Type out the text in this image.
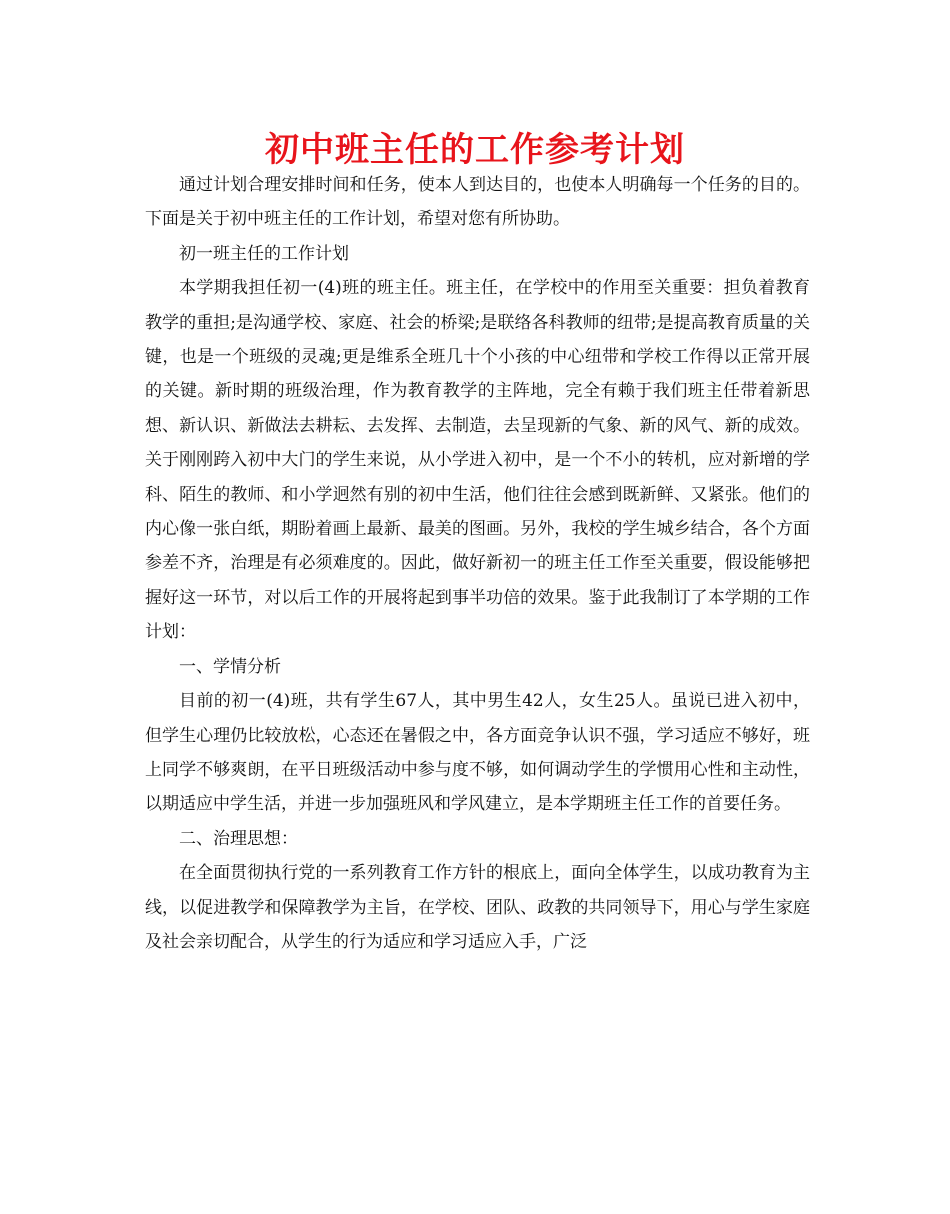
初中班主任的工作参考计划

通过计划合理安排时间和任务，使本人到达目的，也使本人明确每一个任务的目的。下面是关于初中班主任的工作计划，希望对您有所协助。

初一班主任的工作计划

本学期我担任初一(4)班的班主任。班主任，在学校中的作用至关重要：担负着教育教学的重担;是沟通学校、家庭、社会的桥梁;是联络各科教师的纽带;是提高教育质量的关键，也是一个班级的灵魂;更是维系全班几十个小孩的中心纽带和学校工作得以正常开展的关键。新时期的班级治理，作为教育教学的主阵地，完全有赖于我们班主任带着新思想、新认识、新做法去耕耘、去发挥、去制造，去呈现新的气象、新的风气、新的成效。关于刚刚跨入初中大门的学生来说，从小学进入初中，是一个不小的转机，应对新增的学科、陌生的教师、和小学迥然有别的初中生活，他们往往会感到既新鲜、又紧张。他们的内心像一张白纸，期盼着画上最新、最美的图画。另外，我校的学生城乡结合，各个方面参差不齐，治理是有必须难度的。因此，做好新初一的班主任工作至关重要，假设能够把握好这一环节，对以后工作的开展将起到事半功倍的效果。鉴于此我制订了本学期的工作计划：

一、学情分析

目前的初一(4)班，共有学生67人，其中男生42人，女生25人。虽说已进入初中，但学生心理仍比较放松，心态还在暑假之中，各方面竞争认识不强，学习适应不够好，班上同学不够爽朗，在平日班级活动中参与度不够，如何调动学生的学惯用心性和主动性，以期适应中学生活，并进一步加强班风和学风建立，是本学期班主任工作的首要任务。

二、治理思想：

在全面贯彻执行党的一系列教育工作方针的根底上，面向全体学生，以成功教育为主线，以促进教学和保障教学为主旨，在学校、团队、政教的共同领导下，用心与学生家庭及社会亲切配合，从学生的行为适应和学习适应入手，广泛
